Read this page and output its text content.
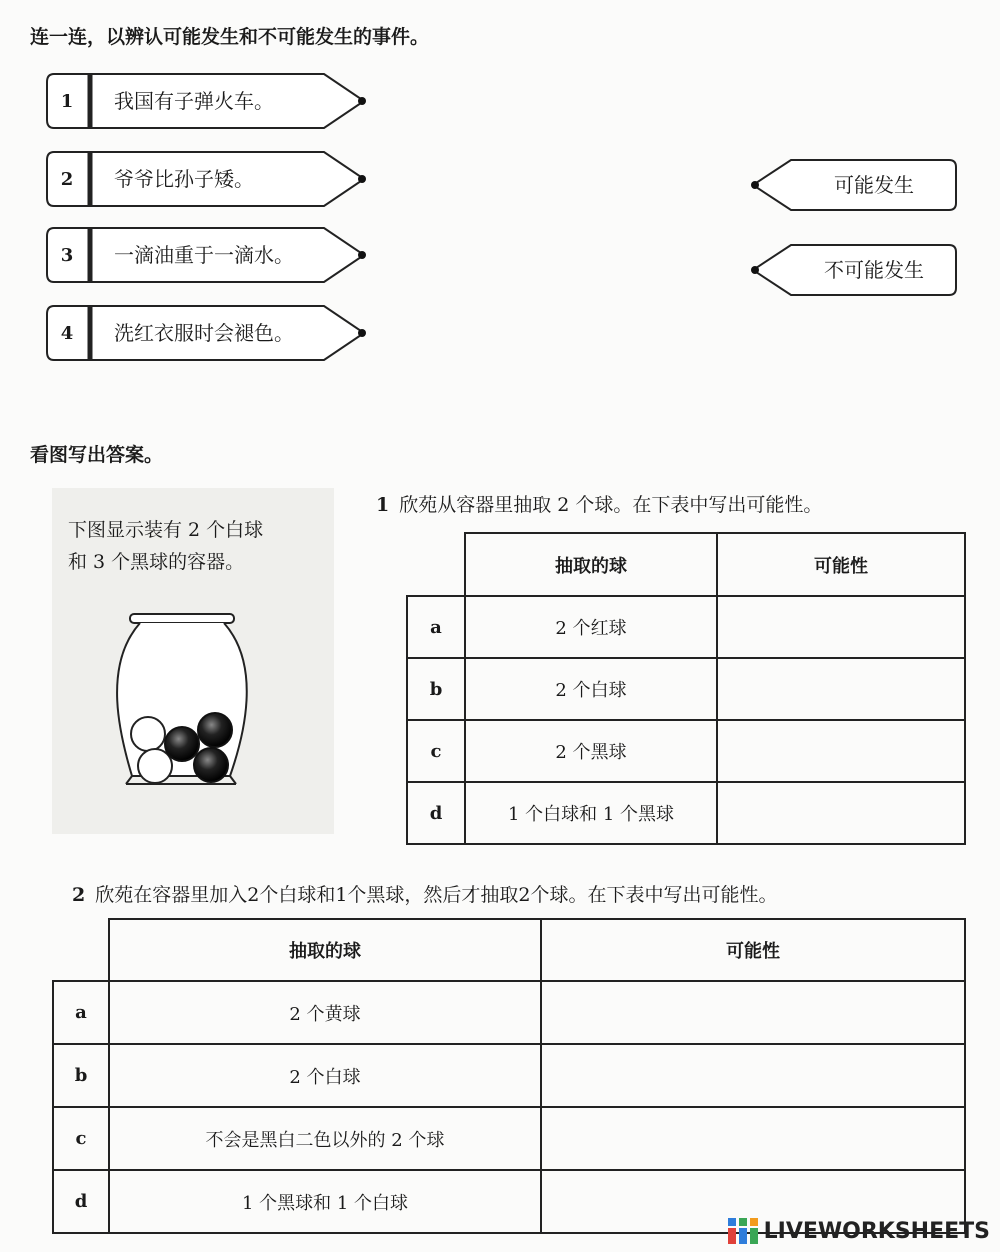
连一连，以辨认可能发生和不可能发生的事件。
1	我国有子弹火车。
2	爷爷比孙子矮。
3	一滴油重于一滴水。
4	洗红衣服时会褪色。
可能发生
不可能发生
看图写出答案。
下图显示装有 2 个白球
和 3 个黑球的容器。
1 欣苑从容器里抽取 2 个球。在下表中写出可能性。
	抽取的球	可能性
a	2 个红球	
b	2 个白球	
c	2 个黑球	
d	1 个白球和 1 个黑球	
2 欣苑在容器里加入2个白球和1个黑球，然后才抽取2个球。在下表中写出可能性。
	抽取的球	可能性
a	2 个黄球	
b	2 个白球	
c	不会是黑白二色以外的 2 个球	
d	1 个黑球和 1 个白球	
LIVEWORKSHEETS
